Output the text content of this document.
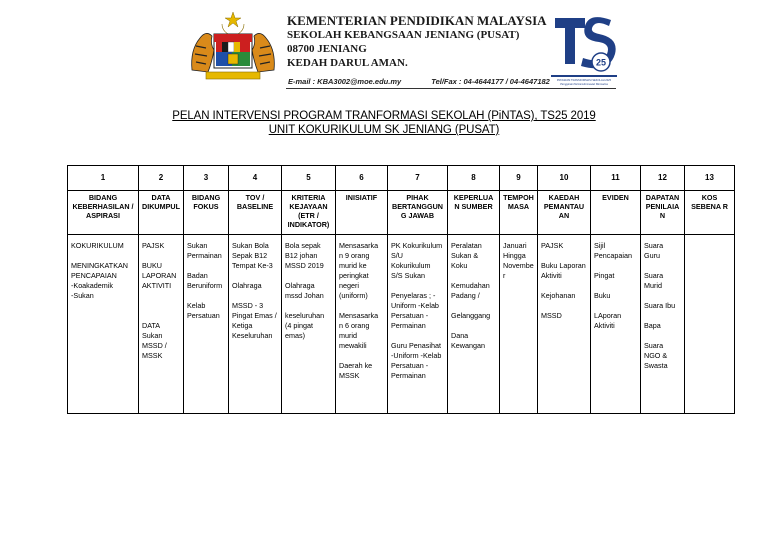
KEMENTERIAN PENDIDIKAN MALAYSIA
SEKOLAH KEBANGSAAN JENIANG (PUSAT)
08700 JENIANG
KEDAH DARUL AMAN.
E-mail : KBA3002@moe.edu.my	Tel/Fax : 04-4644177 / 04-4647182
25
PROGRAM TRANSFORMASI SEKOLAH 2025
Penggerak Pentransformasian Bermakna
PELAN INTERVENSI PROGRAM TRANFORMASI SEKOLAH (PiNTAS), TS25 2019
UNIT KOKURIKULUM SK JENIANG (PUSAT)
1	2	3	4	5	6	7	8	9	10	11	12	13
BIDANG KEBERHASILAN / ASPIRASI	DATA DIKUMPUL	BIDANG FOKUS	TOV / BASELINE	KRITERIA KEJAYAAN (ETR / INDIKATOR)	INISIATIF	PIHAK BERTANGGUN G JAWAB	KEPERLUA N SUMBER	TEMPOH MASA	KAEDAH PEMANTAU AN	EVIDEN	DAPATAN PENILAIA N	KOS SEBENA R

KOKURIKULUM
MENINGKATKAN PENCAPAIAN
-Koakademik
-Sukan	PAJSK
BUKU LAPORAN AKTIVITI
DATA Sukan MSSD / MSSK	Sukan Permainan
Badan Beruniform
Kelab Persatuan	Sukan Bola Sepak B12 Tempat Ke-3
Olahraga
MSSD - 3 Pingat Emas / Ketiga Keseluruhan	Bola sepak B12 johan MSSD 2019
Olahraga mssd Johan
keseluruhan (4 pingat emas)	Mensasarka n 9 orang murid ke peringkat negeri (uniform)
Mensasarka n 6 orang murid mewakili
Daerah ke MSSK	PK Kokurikulum S/U Kokurikulum S/S Sukan
Penyelaras ; -Uniform -Kelab Persatuan -Permainan
Guru Penasihat -Uniform -Kelab Persatuan -Permainan	Peralatan Sukan & Koku
Kemudahan Padang /
Gelanggang
Dana Kewangan	Januari Hingga Novembe r	PAJSK
Buku Laporan Aktiviti
Kejohanan
MSSD	Sijil Pencapaian
Pingat
Buku
LAporan Aktiviti	Suara Guru
Suara Murid
Suara Ibu
Bapa
Suara NGO & Swasta	
